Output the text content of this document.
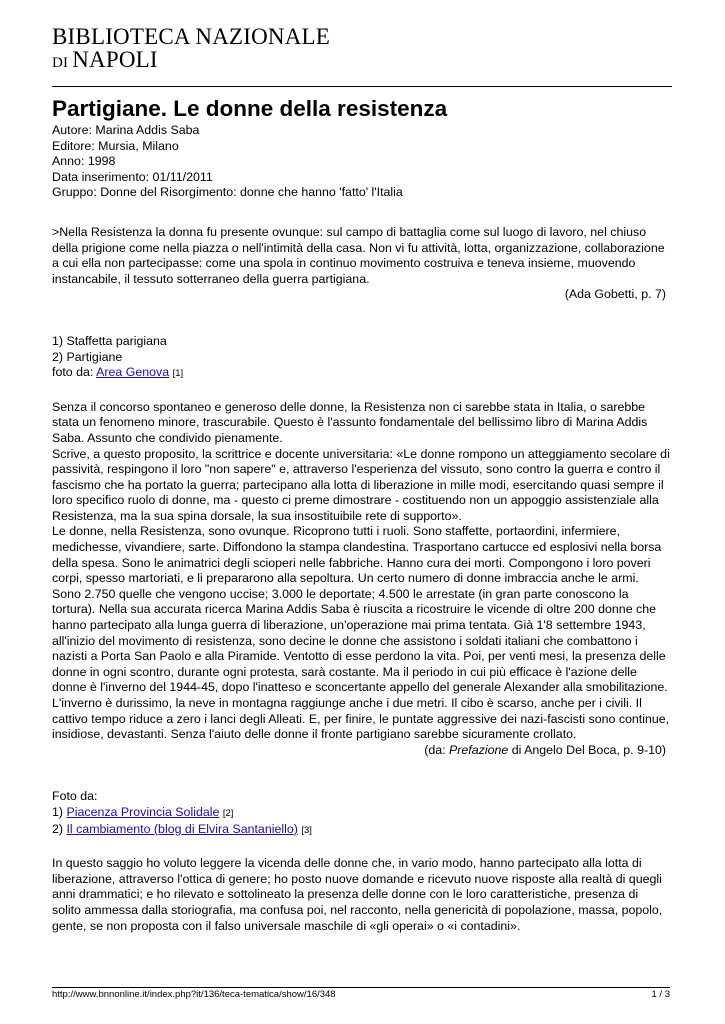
BIBLIOTECA NAZIONALE
DI NAPOLI
Partigiane. Le donne della resistenza
Autore: Marina Addis Saba
Editore: Mursia, Milano
Anno: 1998
Data inserimento: 01/11/2011
Gruppo: Donne del Risorgimento: donne che hanno 'fatto' l'Italia

>Nella Resistenza la donna fu presente ovunque: sul campo di battaglia come sul luogo di lavoro, nel chiuso della prigione come nella piazza o nell'intimità della casa. Non vi fu attività, lotta, organizzazione, collaborazione a cui ella non partecipasse: come una spola in continuo movimento costruiva e teneva insieme, muovendo instancabile, il tessuto sotterraneo della guerra partigiana.

(Ada Gobetti, p. 7)
1) Staffetta parigiana
2) Partigiane
foto da: Area Genova [1]

Senza il concorso spontaneo e generoso delle donne, la Resistenza non ci sarebbe stata in Italia, o sarebbe stata un fenomeno minore, trascurabile. Questo è l'assunto fondamentale del bellissimo libro di Marina Addis Saba. Assunto che condivido pienamente.

Scrive, a questo proposito, la scrittrice e docente universitaria: «Le donne rompono un atteggiamento secolare di passività, respingono il loro "non sapere" e, attraverso l'esperienza del vissuto, sono contro la guerra e contro il fascismo che ha portato la guerra; partecipano alla lotta di liberazione in mille modi, esercitando quasi sempre il loro specifico ruolo di donne, ma - questo ci preme dimostrare - costituendo non un appoggio assistenziale alla Resistenza, ma la sua spina dorsale, la sua insostituibile rete di supporto».

Le donne, nella Resistenza, sono ovunque. Ricoprono tutti i ruoli. Sono staffette, portaordini, infermiere, medichesse, vivandiere, sarte. Diffondono la stampa clandestina. Trasportano cartucce ed esplosivi nella borsa della spesa. Sono le animatrici degli scioperi nelle fabbriche. Hanno cura dei morti. Compongono i loro poveri corpi, spesso martoriati, e li prepararono alla sepoltura. Un certo numero di donne imbraccia anche le armi. Sono 2.750 quelle che vengono uccise; 3.000 le deportate; 4.500 le arrestate (in gran parte conoscono la tortura). Nella sua accurata ricerca Marina Addis Saba è riuscita a ricostruire le vicende di oltre 200 donne che hanno partecipato alla lunga guerra di liberazione, un'operazione mai prima tentata. Già 1'8 settembre 1943, all'inizio del movimento di resistenza, sono decine le donne che assistono i soldati italiani che combattono i nazisti a Porta San Paolo e alla Piramide. Ventotto di esse perdono la vita. Poi, per venti mesi, la presenza delle donne in ogni scontro, durante ogni protesta, sarà costante. Ma il periodo in cui più efficace è l'azione delle donne è l'inverno del 1944-45, dopo l'inatteso e sconcertante appello del generale Alexander alla smobilitazione. L'inverno è durissimo, la neve in montagna raggiunge anche i due metri. Il cibo è scarso, anche per i civili. Il cattivo tempo riduce a zero i lanci degli Alleati. E, per finire, le puntate aggressive dei nazi-fascisti sono continue, insidiose, devastanti. Senza l'aiuto delle donne il fronte partigiano sarebbe sicuramente crollato.

(da: Prefazione di Angelo Del Boca, p. 9-10)
Foto da:
1) Piacenza Provincia Solidale [2]
2) Il cambiamento (blog di Elvira Santaniello) [3]

In questo saggio ho voluto leggere la vicenda delle donne che, in vario modo, hanno partecipato alla lotta di liberazione, attraverso l'ottica di genere; ho posto nuove domande e ricevuto nuove risposte alla realtà di quegli anni drammatici; e ho rilevato e sottolineato la presenza delle donne con le loro caratteristiche, presenza di solito ammessa dalla storiografia, ma confusa poi, nel racconto, nella genericità di popolazione, massa, popolo, gente, se non proposta con il falso universale maschile di «gli operai» o «i contadini».

http://www.bnnonline.it/index.php?it/136/teca-tematica/show/16/348	1 / 3
